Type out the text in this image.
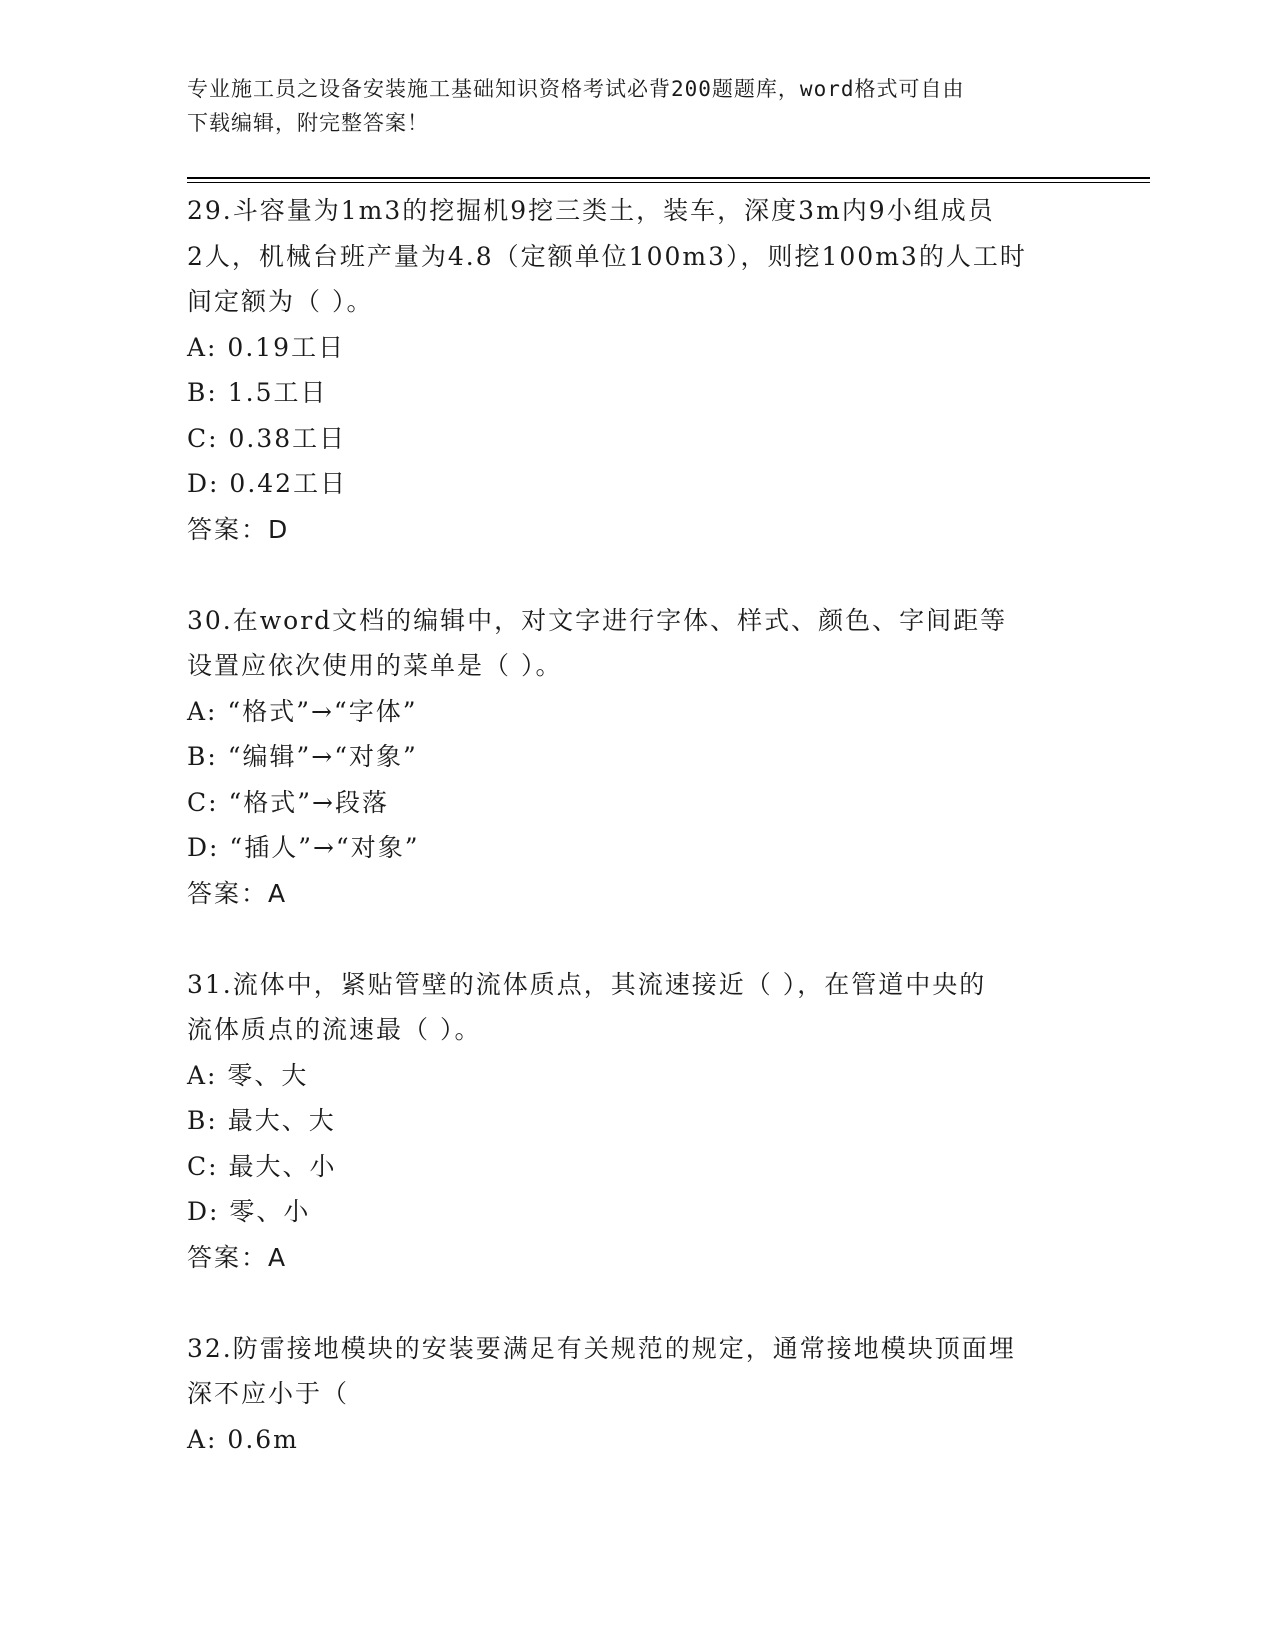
专业施工员之设备安装施工基础知识资格考试必背200题题库，word格式可自由
下载编辑，附完整答案！
29.斗容量为1m3的挖掘机9挖三类土，装车，深度3m内9小组成员
2人，机械台班产量为4.8（定额单位100m3），则挖100m3的人工时
间定额为（ ）。
A: 0.19工日
B: 1.5工日
C: 0.38工日
D: 0.42工日
答案：D
30.在word文档的编辑中，对文字进行字体、样式、颜色、字间距等
设置应依次使用的菜单是（ ）。
A: “格式”→“字体”
B: “编辑”→“对象”
C: “格式”→段落
D: “插人”→“对象”
答案：A
31.流体中，紧贴管壁的流体质点，其流速接近（ ），在管道中央的
流体质点的流速最（ ）。
A: 零、大
B: 最大、大
C: 最大、小
D: 零、小
答案：A
32.防雷接地模块的安装要满足有关规范的规定，通常接地模块顶面埋
深不应小于（
A: 0.6m
